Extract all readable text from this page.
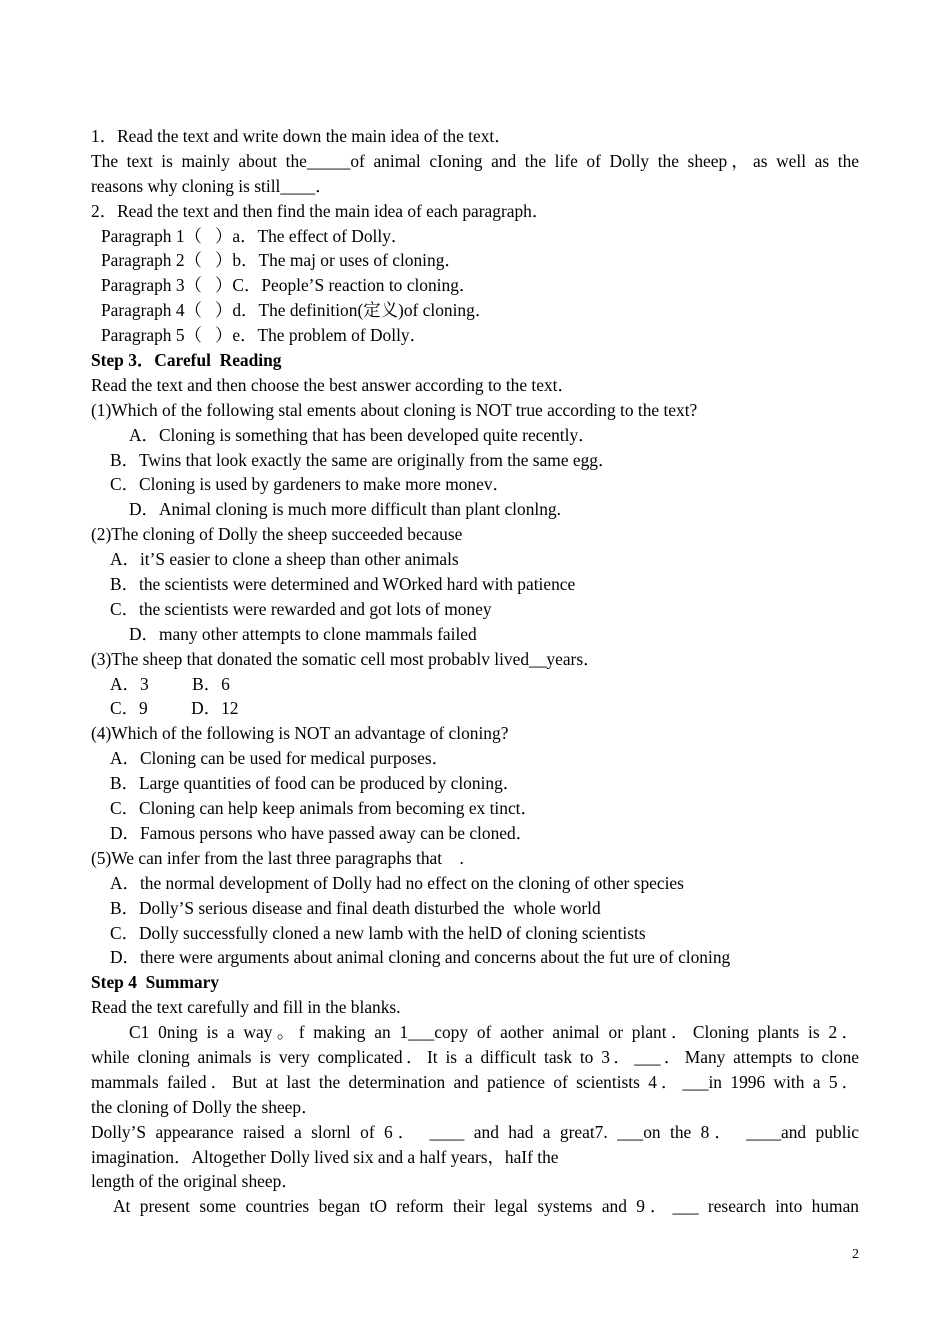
1．Read the text and write down the main idea of the text．
The text is mainly about the_____of animal cIoning and the life of Dolly the sheep，as well as the
reasons why cloning is still____．
2．Read the text and then find the main idea of each paragraph．
Paragraph 1（   ）a．The effect of Dolly．
Paragraph 2（   ）b．The maj or uses of cloning．
Paragraph 3（   ）C．People’S reaction to cloning．
Paragraph 4（   ）d．The definition(定义)of cloning．
Paragraph 5（   ）e．The problem of Dolly．
Step 3．Careful  Reading
Read the text and then choose the best answer according to the text．
(1)Which of the following stal ements about cloning is NOT true according to the text?
A．Cloning is something that has been developed quite recently．
B．Twins that look exactly the same are originally from the same egg．
C．Cloning is used by gardeners to make more monev．
D．Animal cloning is much more difficult than plant clonlng.
(2)The cloning of Dolly the sheep succeeded because
A．it’S easier to clone a sheep than other animals
B．the scientists were determined and WOrked hard with patience
C．the scientists were rewarded and got lots of money
D．many other attempts to clone mammals failed
(3)The sheep that donated the somatic cell most probablv lived__years．
A．3          B．6
C．9          D．12
(4)Which of the following is NOT an advantage of cloning?
A．Cloning can be used for medical purposes．
B．Large quantities of food can be produced by cloning．
C．Cloning can help keep animals from becoming ex tinct．
D．Famous persons who have passed away can be cloned．
(5)We can infer from the last three paragraphs that    .
A．the normal development of Dolly had no effect on the cloning of other species
B．Dolly’S serious disease and final death disturbed the  whole world
C．Dolly successfully cloned a new lamb with the helD of cloning scientists
D．there were arguments about animal cloning and concerns about the fut ure of cloning
Step 4  Summary
Read the text carefully and fill in the blanks.
C1 0ning is a way。f making an 1___copy of aother animal or plant．Cloning plants is 2．
while cloning animals is very complicated．It is a difficult task to 3．___．Many attempts to clone
mammals failed．But at last the determination and patience of scientists 4．___in 1996 with a 5．
the cloning of Dolly the sheep．
Dolly’S appearance raised a slornl of 6． ____ and had a great7. ___on the 8． ____and public
imagination．Altogether Dolly lived six and a half years，haIf the
length of the original sheep．
At present some countries began tO reform their legal systems and 9．___ research into human
2
